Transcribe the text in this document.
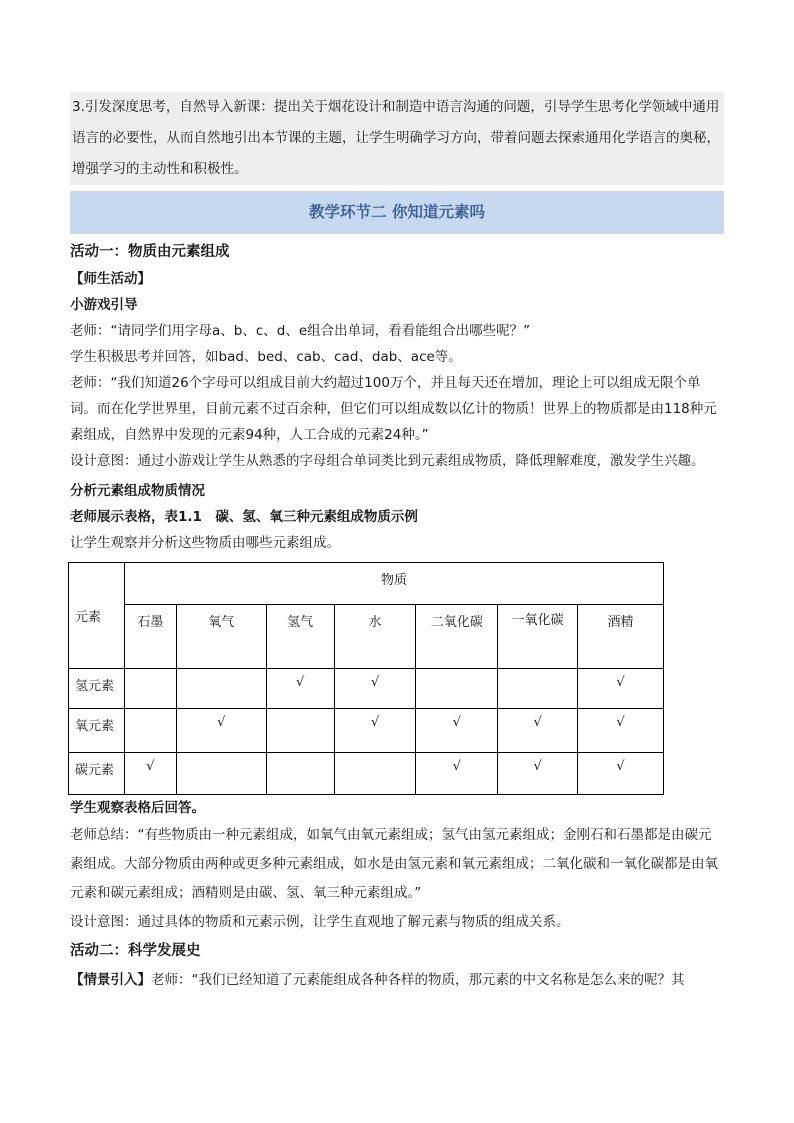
3.引发深度思考，自然导入新课：提出关于烟花设计和制造中语言沟通的问题，引导学生思考化学领域中通用语言的必要性，从而自然地引出本节课的主题，让学生明确学习方向，带着问题去探索通用化学语言的奥秘，增强学习的主动性和积极性。
教学环节二 你知道元素吗

活动一：物质由元素组成

【师生活动】

小游戏引导

老师：“请同学们用字母a、b、c、d、e组合出单词，看看能组合出哪些呢？”

学生积极思考并回答，如bad、bed、cab、cad、dab、ace等。

老师：“我们知道26个字母可以组成目前大约超过100万个，并且每天还在增加，理论上可以组成无限个单词。而在化学世界里，目前元素不过百余种，但它们可以组成数以亿计的物质！世界上的物质都是由118种元素组成，自然界中发现的元素94种，人工合成的元素24种。”

设计意图：通过小游戏让学生从熟悉的字母组合单词类比到元素组成物质，降低理解难度，激发学生兴趣。

分析元素组成物质情况

老师展示表格，表1.1　碳、氢、氧三种元素组成物质示例

让学生观察并分析这些物质由哪些元素组成。

元素	物质						
	石墨	氧气	氢气	水	二氧化碳	一氧化碳	酒精
氢元素			√	√			√

氧元素		√		√	√	√	√

碳元素	√				√	√	√

学生观察表格后回答。

老师总结：“有些物质由一种元素组成，如氧气由氧元素组成；氢气由氢元素组成；金刚石和石墨都是由碳元素组成。大部分物质由两种或更多种元素组成，如水是由氢元素和氧元素组成；二氧化碳和一氧化碳都是由氧元素和碳元素组成；酒精则是由碳、氢、氧三种元素组成。”

设计意图：通过具体的物质和元素示例，让学生直观地了解元素与物质的组成关系。

活动二：科学发展史

【情景引入】老师：“我们已经知道了元素能组成各种各样的物质，那元素的中文名称是怎么来的呢？其
